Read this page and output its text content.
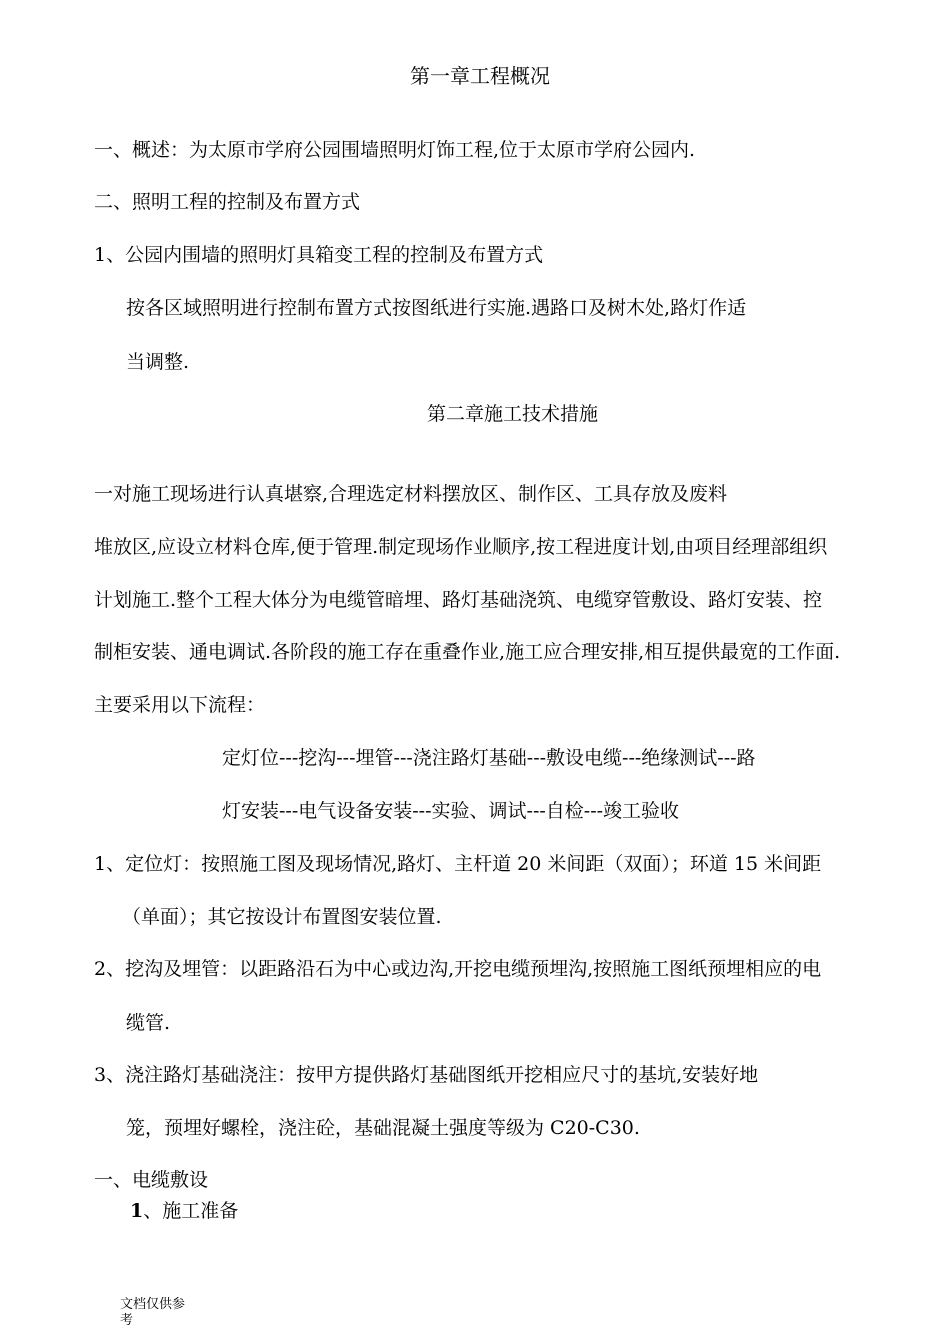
第一章工程概况
一、概述：为太原市学府公园围墙照明灯饰工程,位于太原市学府公园内.
二、照明工程的控制及布置方式
1、公园内围墙的照明灯具箱变工程的控制及布置方式
按各区域照明进行控制布置方式按图纸进行实施.遇路口及树木处,路灯作适
当调整.
第二章施工技术措施
一对施工现场进行认真堪察,合理选定材料摆放区、制作区、工具存放及废料
堆放区,应设立材料仓库,便于管理.制定现场作业顺序,按工程进度计划,由项目经理部组织
计划施工.整个工程大体分为电缆管暗埋、路灯基础浇筑、电缆穿管敷设、路灯安装、控
制柜安装、通电调试.各阶段的施工存在重叠作业,施工应合理安排,相互提供最宽的工作面.
主要采用以下流程：
定灯位---挖沟---埋管---浇注路灯基础---敷设电缆---绝缘测试---路
灯安装---电气设备安装---实验、调试---自检---竣工验收
1、定位灯：按照施工图及现场情况,路灯、主杆道 20 米间距（双面）；环道 15 米间距
（单面）；其它按设计布置图安装位置.
2、挖沟及埋管：以距路沿石为中心或边沟,开挖电缆预埋沟,按照施工图纸预埋相应的电
缆管.
3、浇注路灯基础浇注：按甲方提供路灯基础图纸开挖相应尺寸的基坑,安装好地
笼，预埋好螺栓，浇注砼，基础混凝土强度等级为 C20-C30.
一、电缆敷设
1、施工准备
文档仅供参
考
